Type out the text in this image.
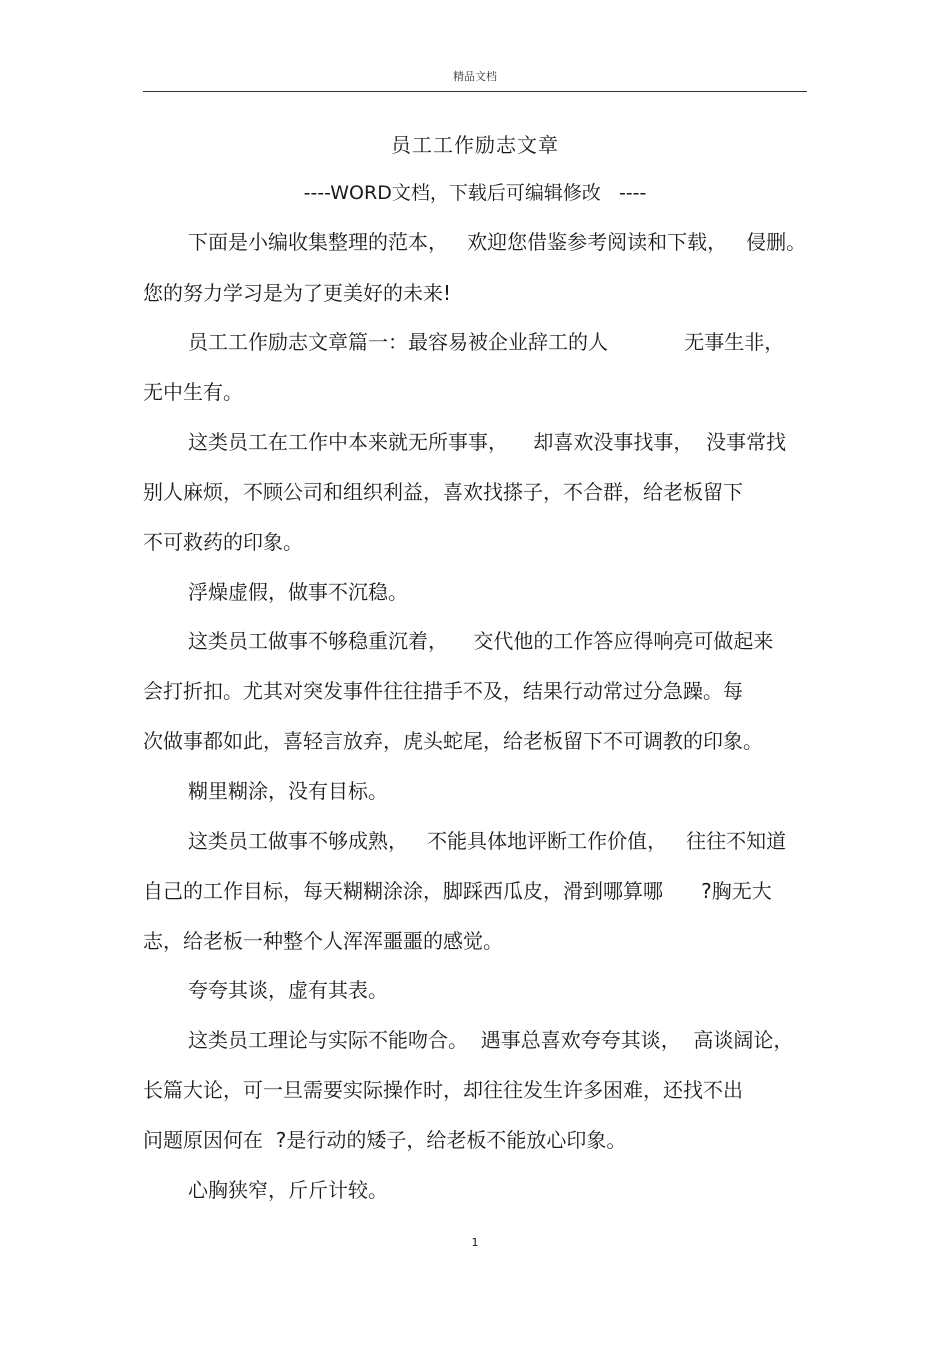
精品文档
员工工作励志文章
----WORD文档，下载后可编辑修改   ----
下面是小编收集整理的范本，   欢迎您借鉴参考阅读和下载，   侵删。
您的努力学习是为了更美好的未来!
员工工作励志文章篇一：最容易被企业辞工的人            无事生非，
无中生有。
这类员工在工作中本来就无所事事，    却喜欢没事找事，  没事常找
别人麻烦，不顾公司和组织利益，喜欢找搽子，不合群，给老板留下
不可救药的印象。
浮燥虚假，做事不沉稳。
这类员工做事不够稳重沉着，    交代他的工作答应得响亮可做起来
会打折扣。尤其对突发事件往往措手不及，结果行动常过分急躁。每
次做事都如此，喜轻言放弃，虎头蛇尾，给老板留下不可调教的印象。
糊里糊涂，没有目标。
这类员工做事不够成熟，   不能具体地评断工作价值，   往往不知道
自己的工作目标，每天糊糊涂涂，脚踩西瓜皮，滑到哪算哪      ?胸无大
志，给老板一种整个人浑浑噩噩的感觉。
夸夸其谈，虚有其表。
这类员工理论与实际不能吻合。  遇事总喜欢夸夸其谈，  高谈阔论，
长篇大论，可一旦需要实际操作时，却往往发生许多困难，还找不出
问题原因何在  ?是行动的矮子，给老板不能放心印象。
心胸狭窄，斤斤计较。
1
